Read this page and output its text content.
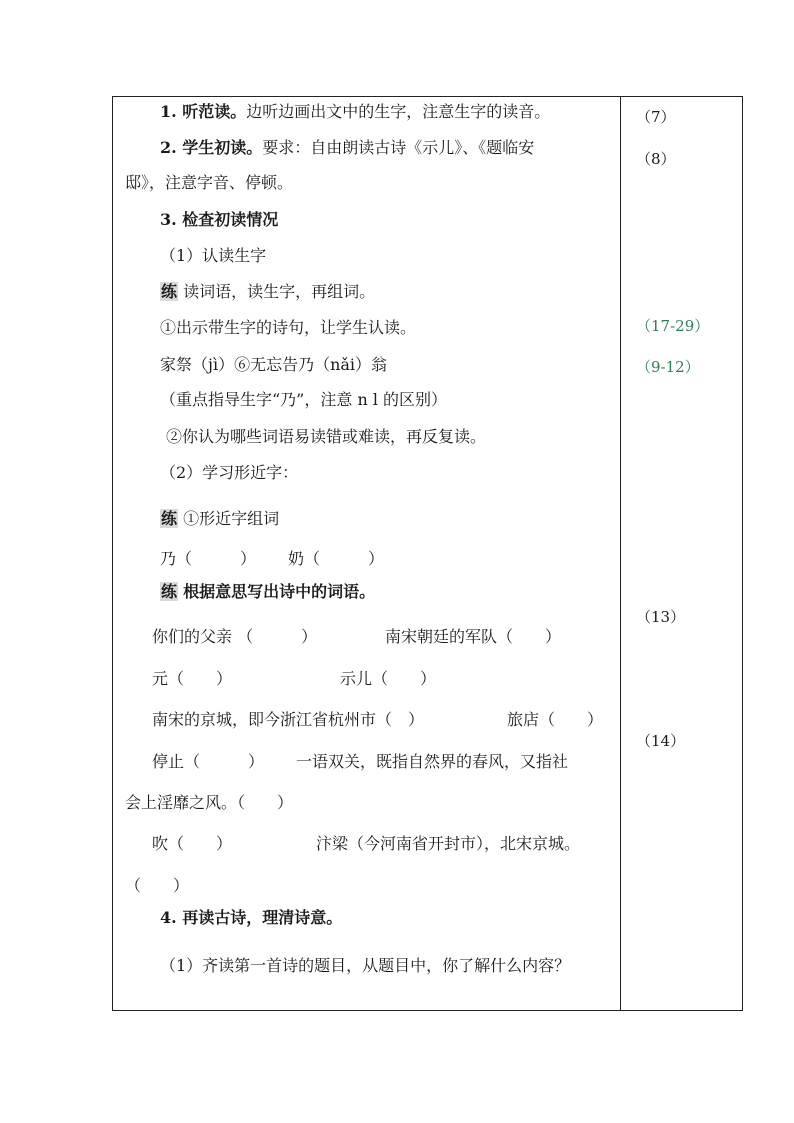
1. 听范读。边听边画出文中的生字，注意生字的读音。
2. 学生初读。要求：自由朗读古诗《示儿》、《题临安
邸》，注意字音、停顿。
3. 检查初读情况
（1）认读生字
练 读词语，读生字，再组词。
①出示带生字的诗句，让学生认读。
家祭（jì）⑥无忘告乃（nǎi）翁
（重点指导生字“乃”，注意 n l 的区别）
②你认为哪些词语易读错或难读，再反复读。
（2）学习形近字：
练 ①形近字组词
乃（　　　） 奶（　　　）
练 根据意思写出诗中的词语。
你们的父亲 （　　　）	南宋朝廷的军队（　　）
元（　　）	示儿（　　）
南宋的京城，即今浙江省杭州市（　）	旅店（　　）
停止（　　　） 一语双关，既指自然界的春风，又指社
会上淫靡之风。（　　）
吹（　　）	汴梁（今河南省开封市），北宋京城。
（　　）
4. 再读古诗，理清诗意。
（1）齐读第一首诗的题目，从题目中，你了解什么内容？
（7）
（8）
（17-29）
（9-12）
（13）
（14）
